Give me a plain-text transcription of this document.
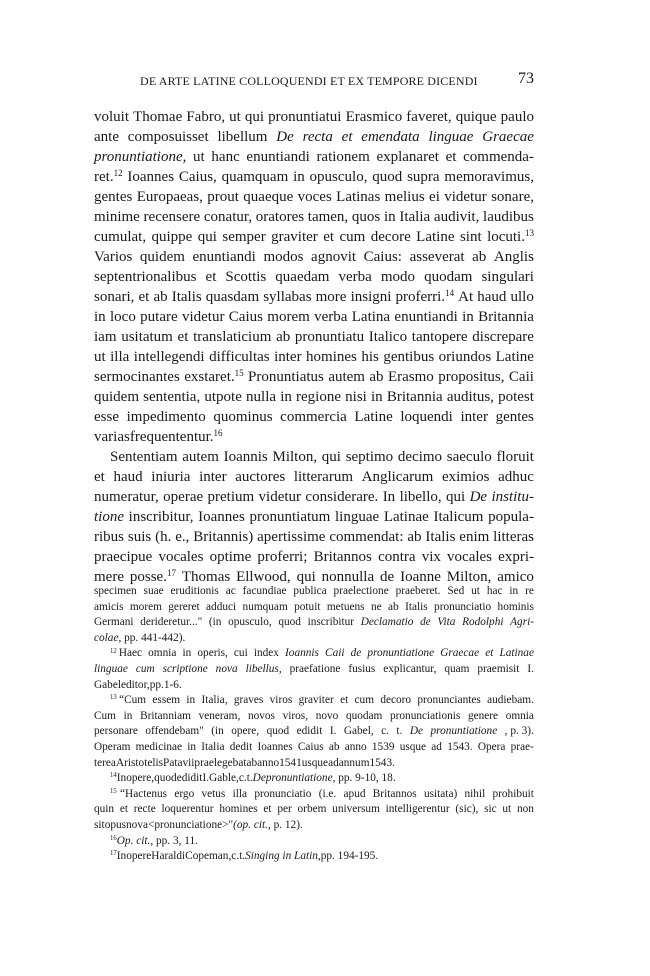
DE ARTE LATINE COLLOQUENDI ET EX TEMPORE DICENDI	73
voluit Thomae Fabro, ut qui pronuntiatui Erasmico faveret, quique paulo
ante composuisset libellum De recta et emendata linguae Graecae
pronuntiatione, ut hanc enuntiandi rationem explanaret et commenda-
ret.$^{12}$ Ioannes Caius, quamquam in opusculo, quod supra memoravimus,
gentes Europaeas, prout quaeque voces Latinas melius ei videtur sonare,
minime recensere conatur, oratores tamen, quos in Italia audivit, laudibus
cumulat, quippe qui semper graviter et cum decore Latine sint locuti.$^{13}$
Varios quidem enuntiandi modos agnovit Caius: asseverat ab Anglis
septentrionalibus et Scottis quaedam verba modo quodam singulari
sonari, et ab Italis quasdam syllabas more insigni proferri.$^{14}$ At haud ullo
in loco putare videtur Caius morem verba Latina enuntiandi in Britannia
iam usitatum et translaticium ab pronuntiatu Italico tantopere discrepare
ut illa intellegendi difficultas inter homines his gentibus oriundos Latine
sermocinantes exstaret.$^{15}$ Pronuntiatus autem ab Erasmo propositus, Caii
quidem sententia, utpote nulla in regione nisi in Britannia auditus, potest
esse impedimento quominus commercia Latine loquendi inter gentes
varias frequententur.$^{16}$
Sententiam autem Ioannis Milton, qui septimo decimo saeculo floruit
et haud iniuria inter auctores litterarum Anglicarum eximios adhuc
numeratur, operae pretium videtur considerare. In libello, qui De institu-
tione inscribitur, Ioannes pronuntiatum linguae Latinae Italicum popula-
ribus suis (h. e., Britannis) apertissime commendat: ab Italis enim litteras
praecipue vocales optime proferri; Britannos contra vix vocales expri-
mere posse.$^{17}$ Thomas Ellwood, qui nonnulla de Ioanne Milton, amico
specimen suae eruditionis ac facundiae publica praelectione praeberet. Sed ut hac in re
amicis morem gereret adduci numquam potuit metuens ne ab Italis pronunciatio hominis
Germani derideretur..." (in opusculo, quod inscribitur Declamatio de Vita Rodolphi Agri-
colae , pp. 441-442).
$^{12}$ Haec omnia in operis, cui index Ioannis Caii de pronuntiatione Graecae et Latinae
linguae cum scriptione nova libellus, praefatione fusius explicantur, quam praemisit I.
Gabel editor, pp. 1-6.
$^{13}$ “Cum essem in Italia, graves viros graviter et cum decoro pronunciantes audiebam.
Cum in Britanniam veneram, novos viros, novo quodam pronunciationis genere omnia
personare offendebam" (in opere, quod edidit I. Gabel, c. t. De pronuntiatione , p. 3).
Operam medicinae in Italia dedit Ioannes Caius ab anno 1539 usque ad 1543. Opera prae-
terea Aristotelis Patavii praelegebat ab anno 1541 usque ad annum 1543.
$^{14}$ In opere, quod edidit I. Gable, c. t. De pronuntiatione , pp. 9-10, 18.
$^{15}$ “Hactenus ergo vetus illa pronunciatio (i.e. apud Britannos usitata) nihil prohibuit
quin et recte loquerentur homines et per orbem universum intelligerentur (sic), sic ut non
sit opus nova <pronunciatione>" (op. cit. , p. 12).
$^{16}$ Op. cit. , pp. 3, 11.
$^{17}$ In opere Haraldi Copeman, c. t. Singing in Latin, pp. 194-195.
